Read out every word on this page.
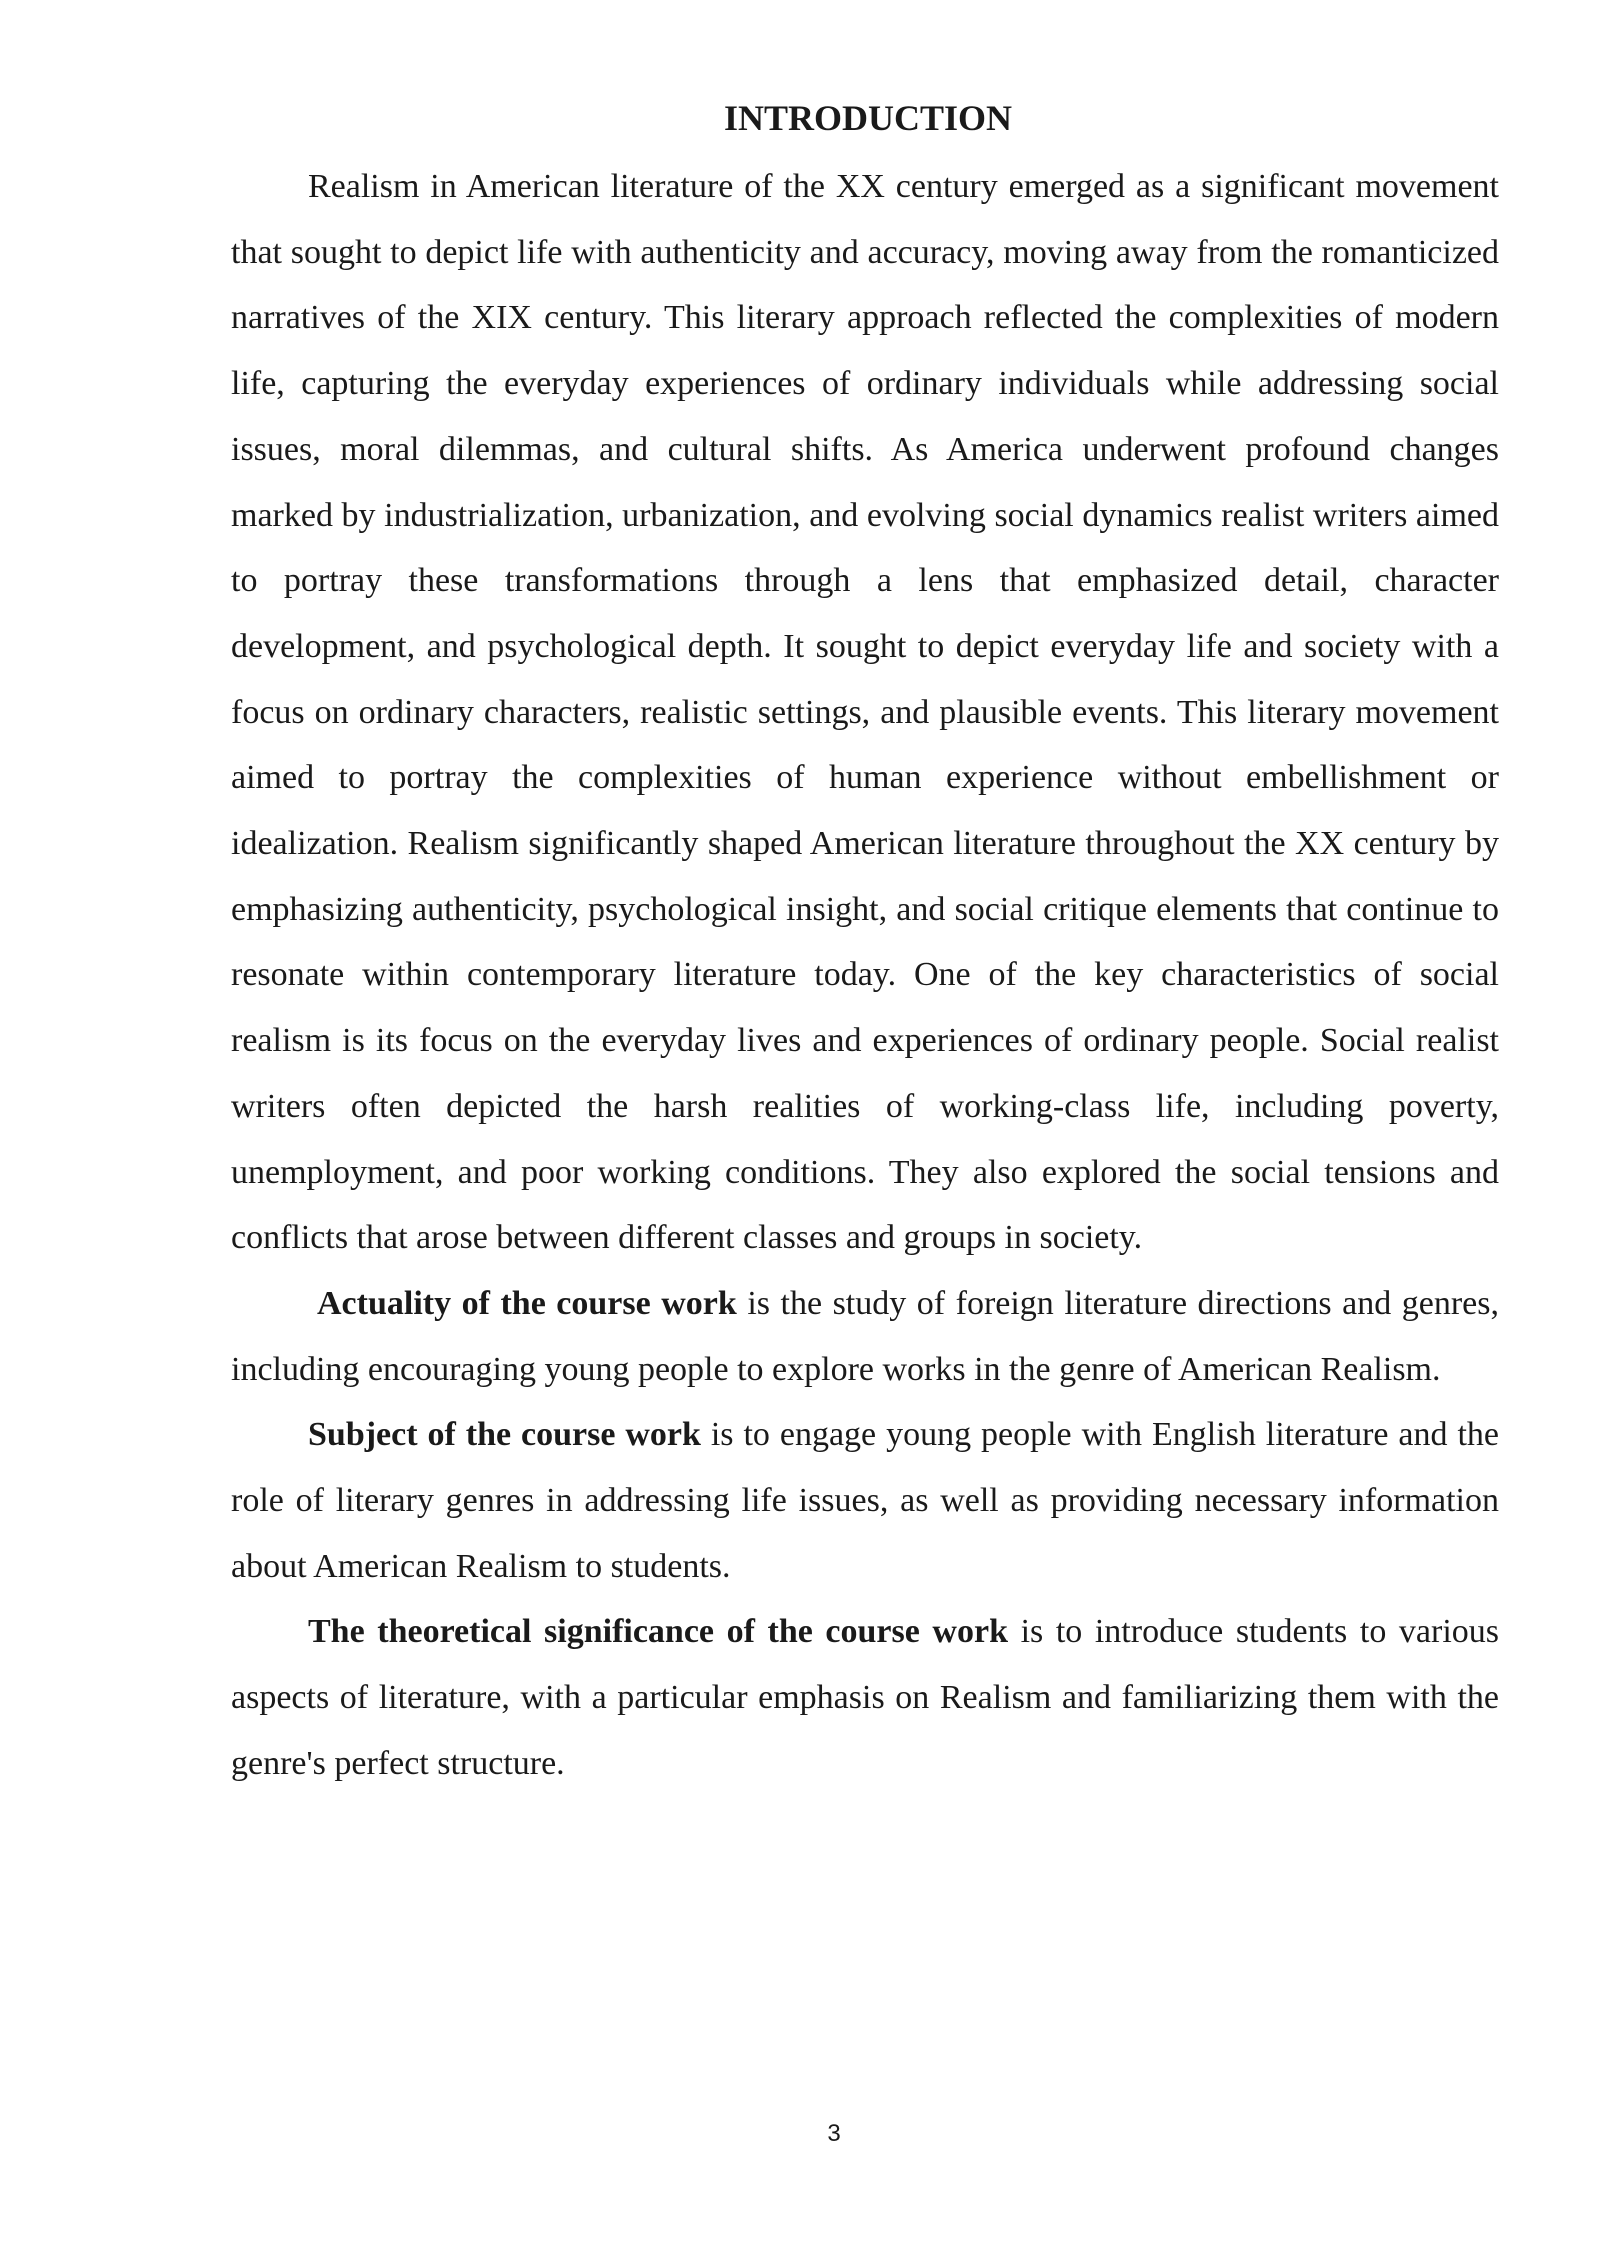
INTRODUCTION

Realism in American literature of the XX century emerged as a significant movement that sought to depict life with authenticity and accuracy, moving away from the romanticized narratives of the XIX century. This literary approach reflected the complexities of modern life, capturing the everyday experiences of ordinary individuals while addressing social issues, moral dilemmas, and cultural shifts. As America underwent profound changes marked by industrialization, urbanization, and evolving social dynamics realist writers aimed to portray these transformations through a lens that emphasized detail, character development, and psychological depth. It sought to depict everyday life and society with a focus on ordinary characters, realistic settings, and plausible events. This literary movement aimed to portray the complexities of human experience without embellishment or idealization. Realism significantly shaped American literature throughout the XX century by emphasizing authenticity, psychological insight, and social critique elements that continue to resonate within contemporary literature today. One of the key characteristics of social realism is its focus on the everyday lives and experiences of ordinary people. Social realist writers often depicted the harsh realities of working-class life, including poverty, unemployment, and poor working conditions. They also explored the social tensions and conflicts that arose between different classes and groups in society.

Actuality of the course work is the study of foreign literature directions and genres, including encouraging young people to explore works in the genre of American Realism.

Subject of the course work is to engage young people with English literature and the role of literary genres in addressing life issues, as well as providing necessary information about American Realism to students.

The theoretical significance of the course work is to introduce students to various aspects of literature, with a particular emphasis on Realism and familiarizing them with the genre's perfect structure.

3
